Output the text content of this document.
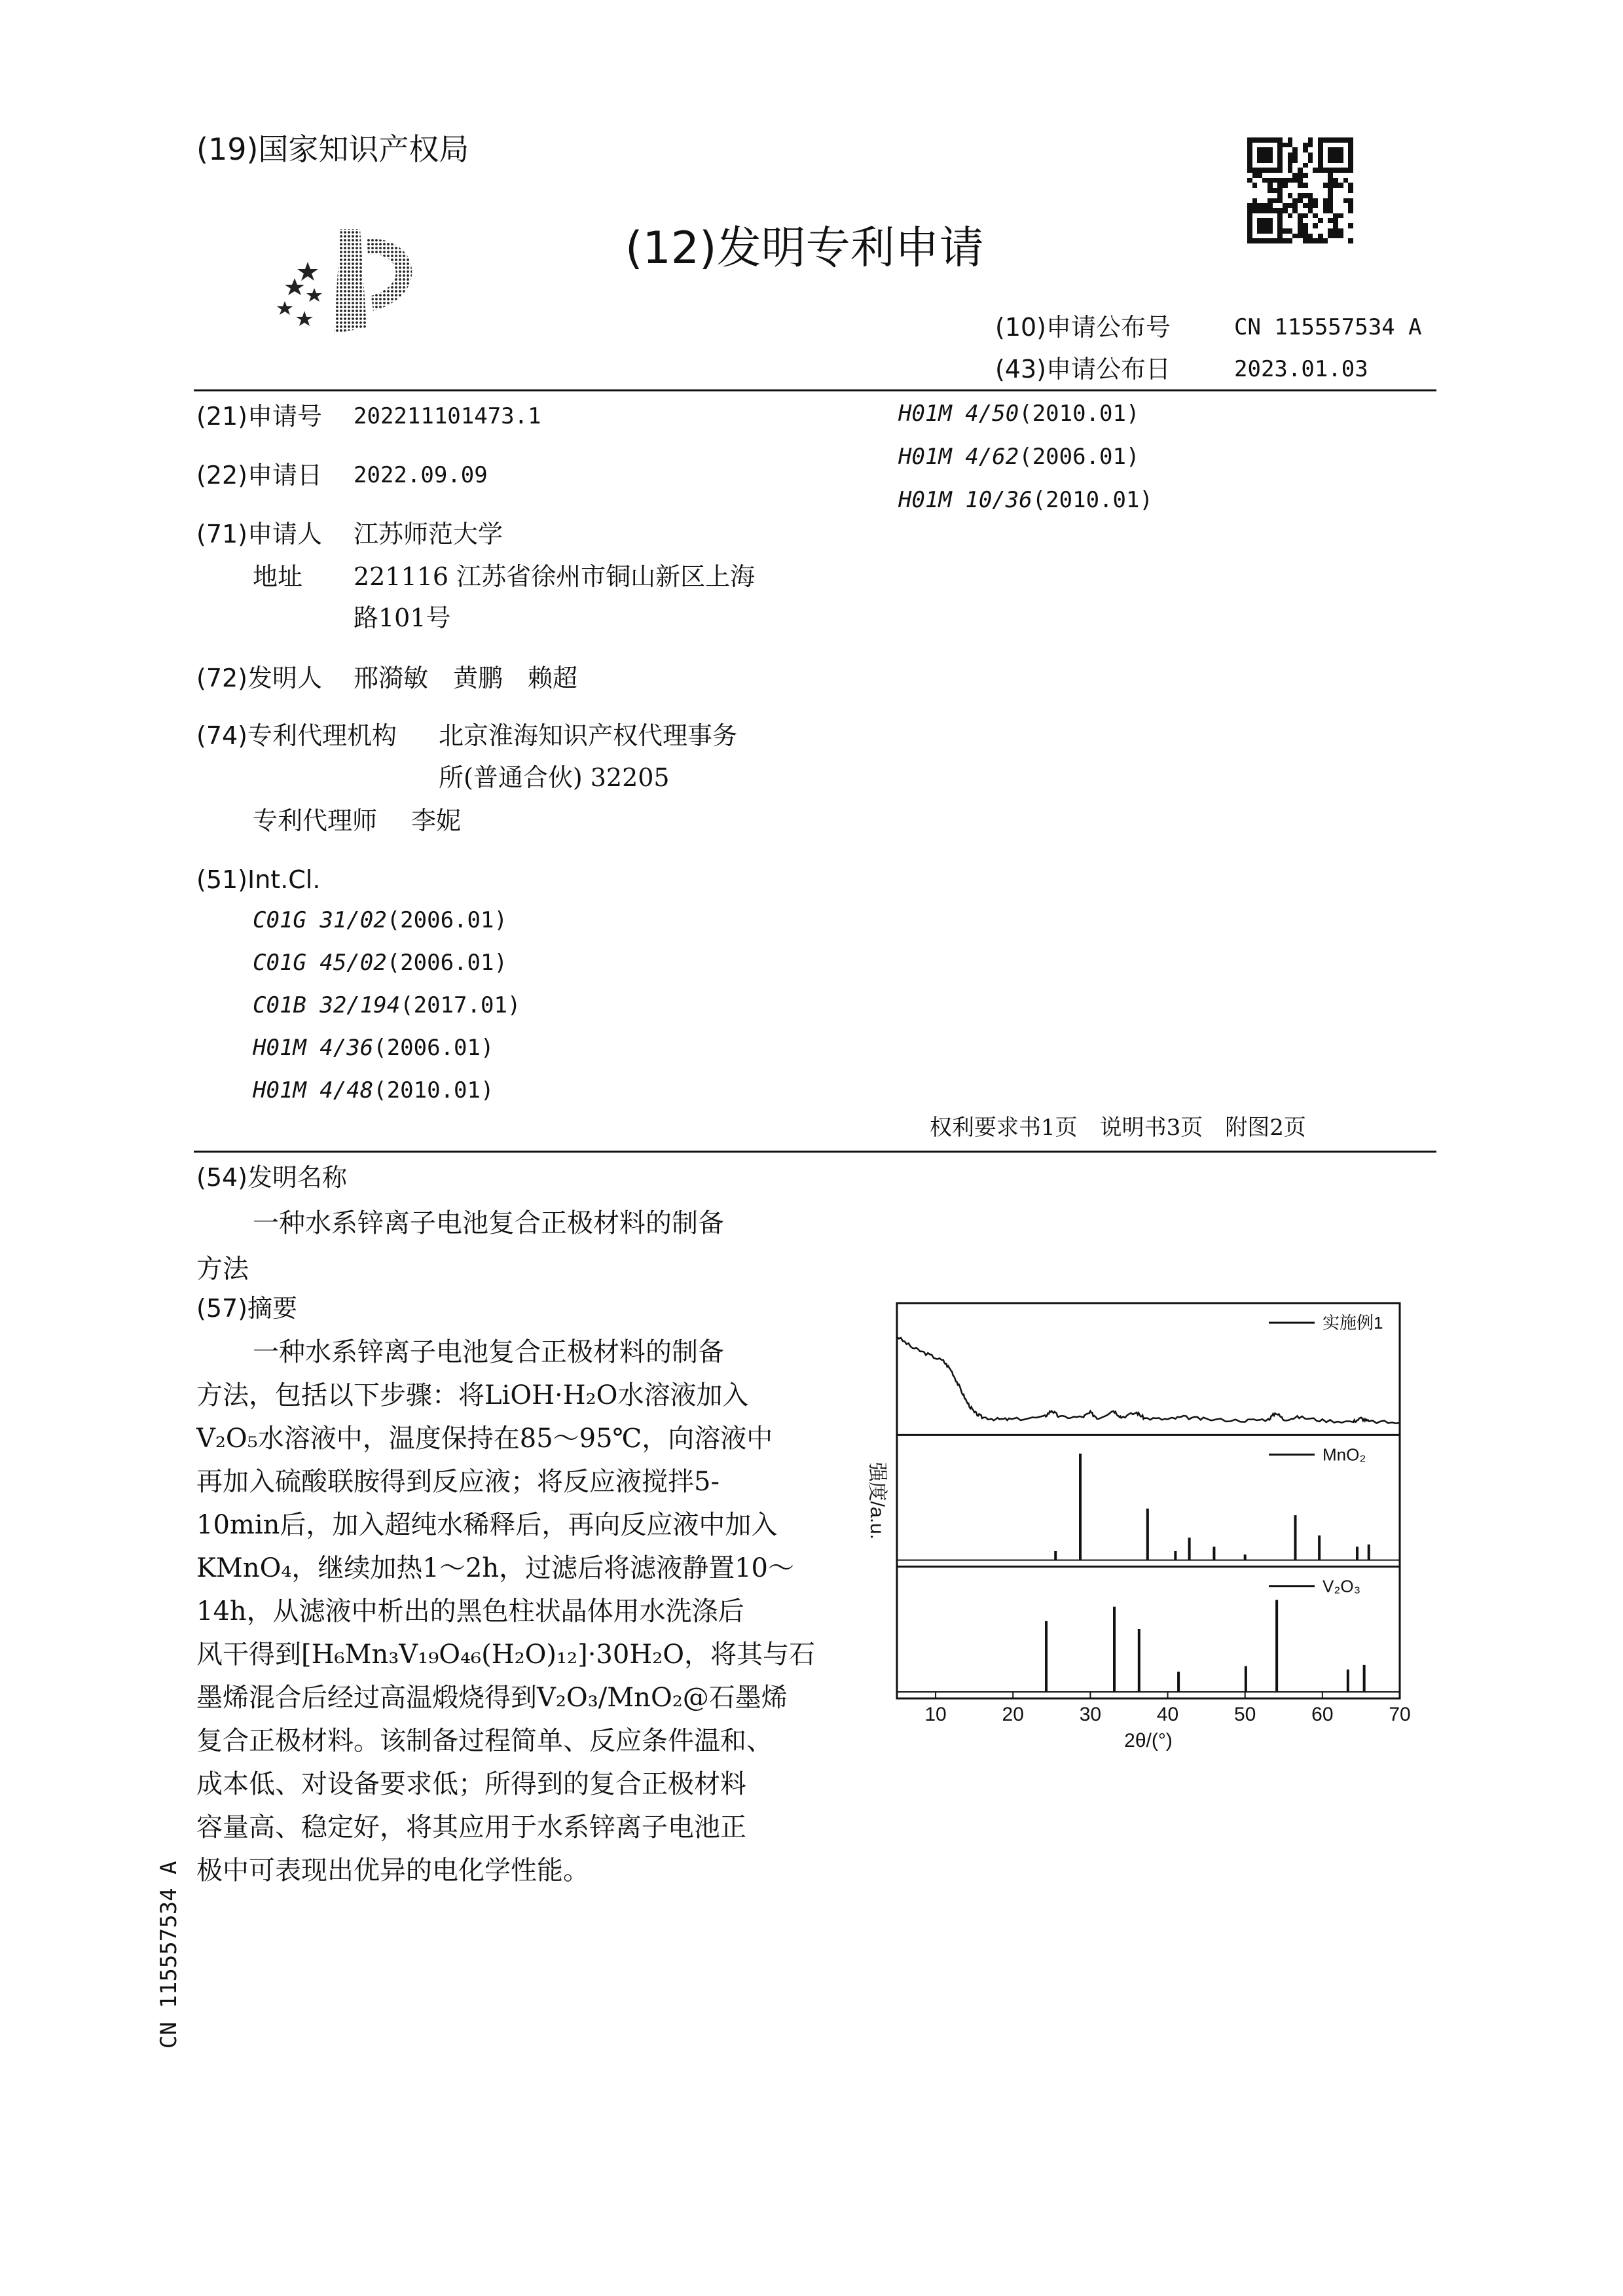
CN 115557534 A
(19)国家知识产权局
(12)发明专利申请
(10)申请公布号	CN 115557534 A
(43)申请公布日	2023.01.03
(21)申请号 202211101473.1
(22)申请日 2022.09.09
(71)申请人 江苏师范大学
地址 221116 江苏省徐州市铜山新区上海
路101号
(72)发明人 邢漪敏　黄鹏　赖超
(74)专利代理机构 北京淮海知识产权代理事务
所(普通合伙) 32205
专利代理师 李妮
(51)Int.Cl.
C01G 31/02(2006.01)
C01G 45/02(2006.01)
C01B 32/194(2017.01)
H01M 4/36(2006.01)
H01M 4/48(2010.01)
H01M 4/50(2010.01)
H01M 4/62(2006.01)
H01M 10/36(2010.01)
权利要求书1页　说明书3页　附图2页
(54)发明名称
一种水系锌离子电池复合正极材料的制备
方法
(57)摘要
一种水系锌离子电池复合正极材料的制备
方法，包括以下步骤：将LiOH·H₂O水溶液加入
V₂O₅水溶液中，温度保持在85～95℃，向溶液中
再加入硫酸联胺得到反应液；将反应液搅拌5-
10min后，加入超纯水稀释后，再向反应液中加入
KMnO₄，继续加热1～2h，过滤后将滤液静置10～
14h，从滤液中析出的黑色柱状晶体用水洗涤后
风干得到[H₆Mn₃V₁₉O₄₆(H₂O)₁₂]·30H₂O，将其与石
墨烯混合后经过高温煅烧得到V₂O₃/MnO₂@石墨烯
复合正极材料。该制备过程简单、反应条件温和、
成本低、对设备要求低；所得到的复合正极材料
容量高、稳定好，将其应用于水系锌离子电池正
极中可表现出优异的电化学性能。
实施例1
MnO₂
V₂O₃
10	20	30	40	50	60	70
2θ/(°)
强度/a.u.
